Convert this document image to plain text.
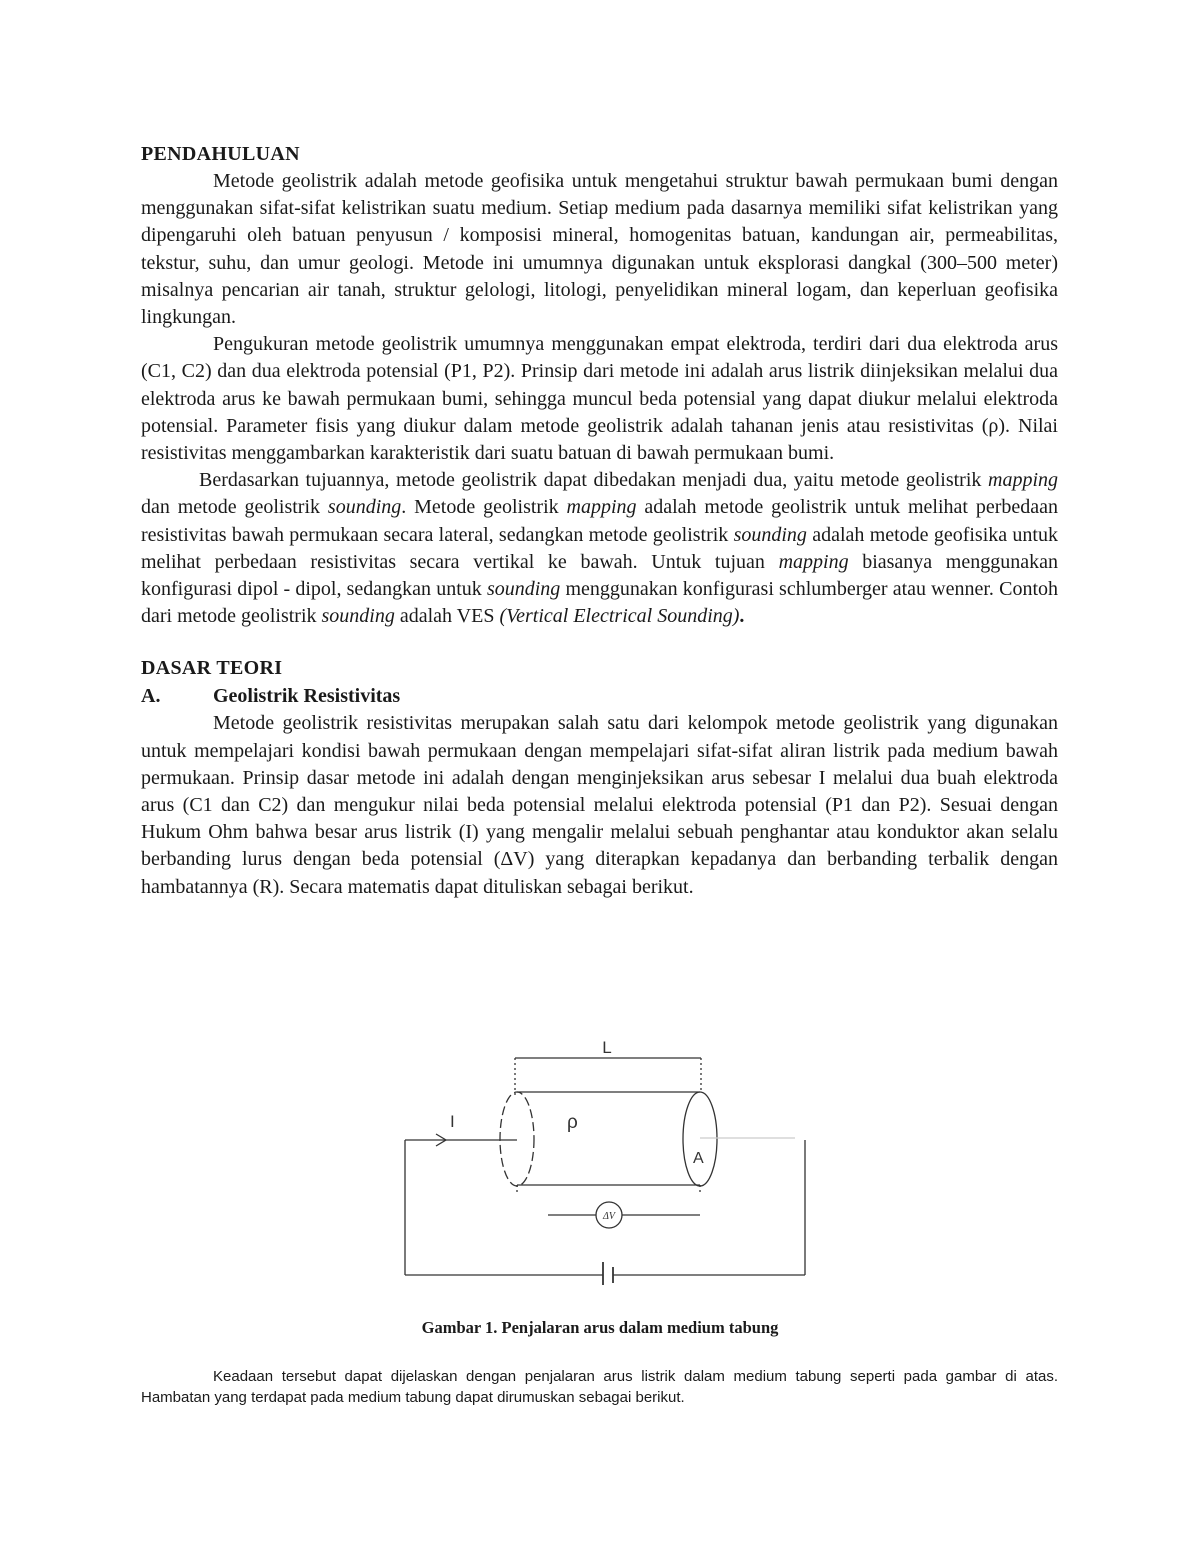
PENDAHULUAN

Metode geolistrik adalah metode geofisika untuk mengetahui struktur bawah permukaan bumi dengan menggunakan sifat-sifat kelistrikan suatu medium. Setiap medium pada dasarnya memiliki sifat kelistrikan yang dipengaruhi oleh batuan penyusun / komposisi mineral, homogenitas batuan, kandungan air, permeabilitas, tekstur, suhu, dan umur geologi. Metode ini umumnya digunakan untuk eksplorasi dangkal (300–500 meter) misalnya pencarian air tanah, struktur gelologi, litologi, penyelidikan mineral logam, dan keperluan geofisika lingkungan.

Pengukuran metode geolistrik umumnya menggunakan empat elektroda, terdiri dari dua elektroda arus (C1, C2) dan dua elektroda potensial (P1, P2). Prinsip dari metode ini adalah arus listrik diinjeksikan melalui dua elektroda arus ke bawah permukaan bumi, sehingga muncul beda potensial yang dapat diukur melalui elektroda potensial. Parameter fisis yang diukur dalam metode geolistrik adalah tahanan jenis atau resistivitas (ρ). Nilai resistivitas menggambarkan karakteristik dari suatu batuan di bawah permukaan bumi.

Berdasarkan tujuannya, metode geolistrik dapat dibedakan menjadi dua, yaitu metode geolistrik mapping dan metode geolistrik sounding. Metode geolistrik mapping adalah metode geolistrik untuk melihat perbedaan resistivitas bawah permukaan secara lateral, sedangkan metode geolistrik sounding adalah metode geofisika untuk melihat perbedaan resistivitas secara vertikal ke bawah. Untuk tujuan mapping biasanya menggunakan konfigurasi dipol - dipol, sedangkan untuk sounding menggunakan konfigurasi schlumberger atau wenner. Contoh dari metode geolistrik sounding adalah VES (Vertical Electrical Sounding).

DASAR TEORI

A.	Geolistrik Resistivitas

Metode geolistrik resistivitas merupakan salah satu dari kelompok metode geolistrik yang digunakan untuk mempelajari kondisi bawah permukaan dengan mempelajari sifat-sifat aliran listrik pada medium bawah permukaan. Prinsip dasar metode ini adalah dengan menginjeksikan arus sebesar I melalui dua buah elektroda arus (C1 dan C2) dan mengukur nilai beda potensial melalui elektroda potensial (P1 dan P2). Sesuai dengan Hukum Ohm bahwa besar arus listrik (I) yang mengalir melalui sebuah penghantar atau konduktor akan selalu berbanding lurus dengan beda potensial (ΔV) yang diterapkan kepadanya dan berbanding terbalik dengan hambatannya (R). Secara matematis dapat dituliskan sebagai berikut.

L
I	ρ
A
ΔV
Gambar 1. Penjalaran arus dalam medium tabung

Keadaan tersebut dapat dijelaskan dengan penjalaran arus listrik dalam medium tabung seperti pada gambar di atas. Hambatan yang terdapat pada medium tabung dapat dirumuskan sebagai berikut.
